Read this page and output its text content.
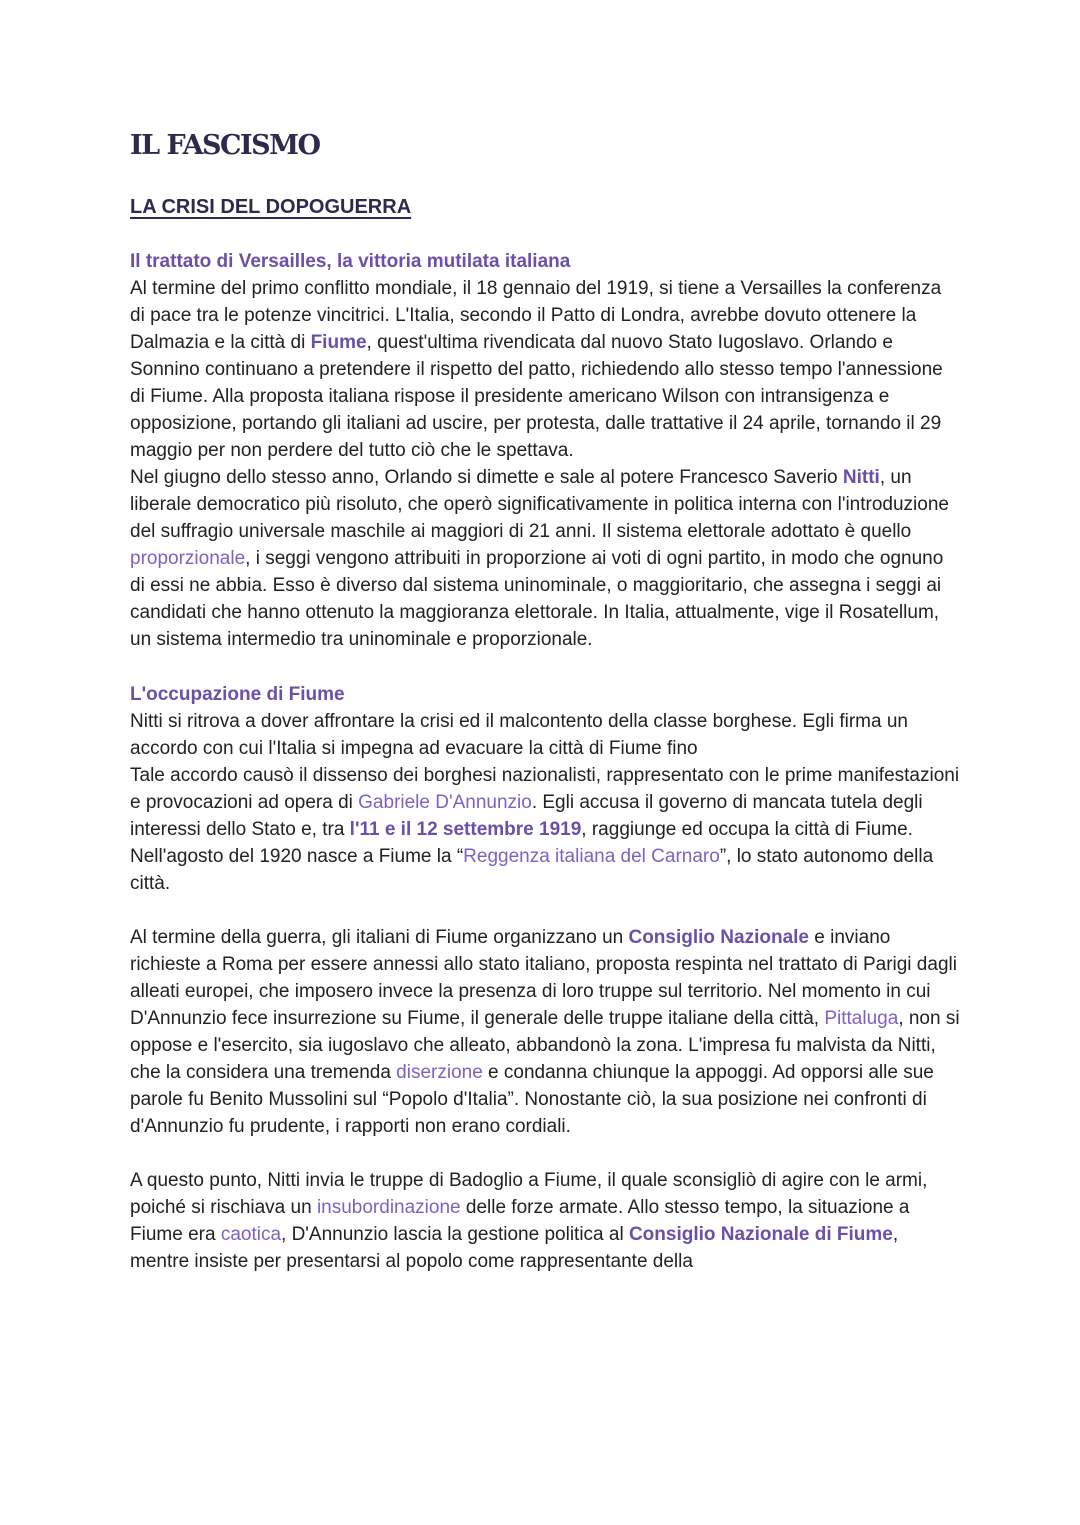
IL FASCISMO
LA CRISI DEL DOPOGUERRA
Il trattato di Versailles, la vittoria mutilata italiana

Al termine del primo conflitto mondiale, il 18 gennaio del 1919, si tiene a Versailles la conferenza di pace tra le potenze vincitrici. L'Italia, secondo il Patto di Londra, avrebbe dovuto ottenere la Dalmazia e la città di Fiume, quest'ultima rivendicata dal nuovo Stato Iugoslavo. Orlando e Sonnino continuano a pretendere il rispetto del patto, richiedendo allo stesso tempo l'annessione di Fiume. Alla proposta italiana rispose il presidente americano Wilson con intransigenza e opposizione, portando gli italiani ad uscire, per protesta, dalle trattative il 24 aprile, tornando il 29 maggio per non perdere del tutto ciò che le spettava.

Nel giugno dello stesso anno, Orlando si dimette e sale al potere Francesco Saverio Nitti, un liberale democratico più risoluto, che operò significativamente in politica interna con l'introduzione del suffragio universale maschile ai maggiori di 21 anni. Il sistema elettorale adottato è quello proporzionale, i seggi vengono attribuiti in proporzione ai voti di ogni partito, in modo che ognuno di essi ne abbia. Esso è diverso dal sistema uninominale, o maggioritario, che assegna i seggi ai candidati che hanno ottenuto la maggioranza elettorale. In Italia, attualmente, vige il Rosatellum, un sistema intermedio tra uninominale e proporzionale.

L'occupazione di Fiume

Nitti si ritrova a dover affrontare la crisi ed il malcontento della classe borghese. Egli firma un accordo con cui l'Italia si impegna ad evacuare la città di Fiume fino
Tale accordo causò il dissenso dei borghesi nazionalisti, rappresentato con le prime manifestazioni e provocazioni ad opera di Gabriele D'Annunzio. Egli accusa il governo di mancata tutela degli interessi dello Stato e, tra l'11 e il 12 settembre 1919, raggiunge ed occupa la città di Fiume. Nell'agosto del 1920 nasce a Fiume la “Reggenza italiana del Carnaro”, lo stato autonomo della città.

Al termine della guerra, gli italiani di Fiume organizzano un Consiglio Nazionale e inviano richieste a Roma per essere annessi allo stato italiano, proposta respinta nel trattato di Parigi dagli alleati europei, che imposero invece la presenza di loro truppe sul territorio. Nel momento in cui D'Annunzio fece insurrezione su Fiume, il generale delle truppe italiane della città, Pittaluga, non si oppose e l'esercito, sia iugoslavo che alleato, abbandonò la zona. L'impresa fu malvista da Nitti, che la considera una tremenda diserzione e condanna chiunque la appoggi. Ad opporsi alle sue parole fu Benito Mussolini sul “Popolo d'Italia”. Nonostante ciò, la sua posizione nei confronti di d'Annunzio fu prudente, i rapporti non erano cordiali.

A questo punto, Nitti invia le truppe di Badoglio a Fiume, il quale sconsigliò di agire con le armi, poiché si rischiava un insubordinazione delle forze armate. Allo stesso tempo, la situazione a Fiume era caotica, D'Annunzio lascia la gestione politica al Consiglio Nazionale di Fiume, mentre insiste per presentarsi al popolo come rappresentante della
